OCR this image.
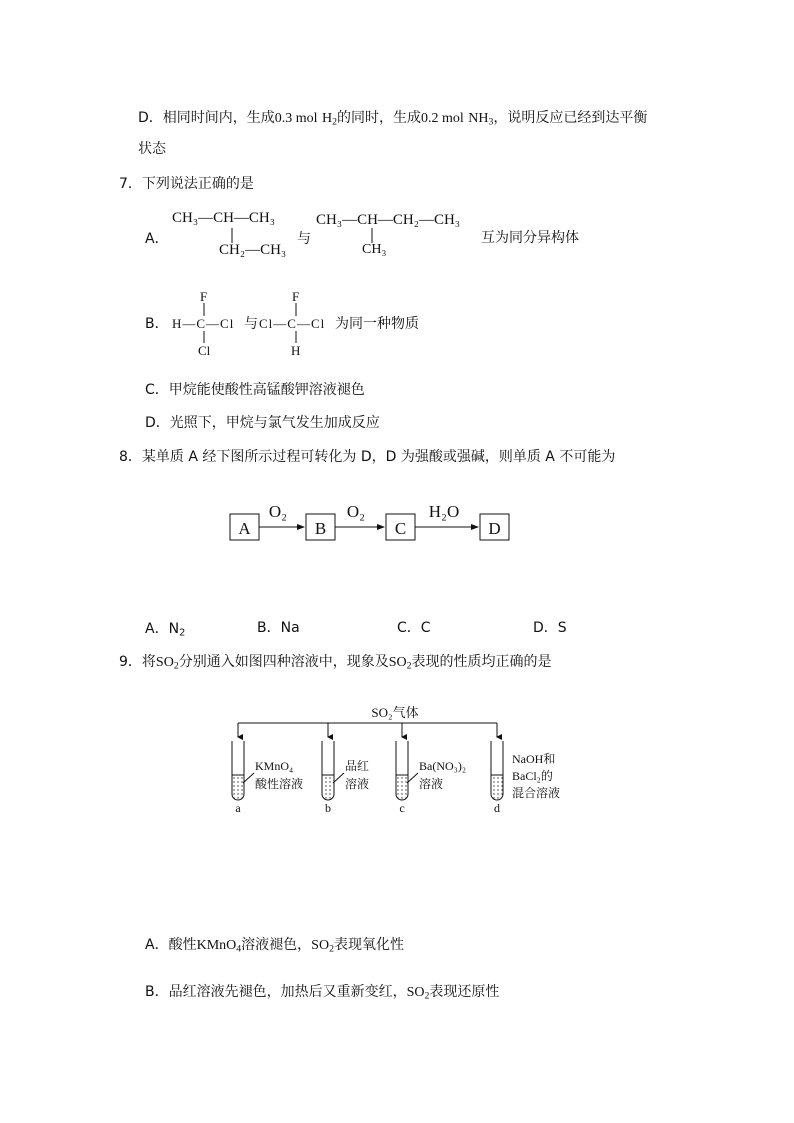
D．相同时间内，生成0.3 mol $H_2$的同时，生成0.2 mol $NH_3$，说明反应已经到达平衡
状态
7．下列说法正确的是
A．
CH₃—CH—CH₃
CH₂—CH₃
与
CH₃—CH—CH₂—CH₃
CH₃
互为同分异构体
B．
F
H—C—Cl
Cl
与
F
Cl—C—Cl
H
为同一种物质
C．甲烷能使酸性高锰酸钾溶液褪色
D．光照下，甲烷与氯气发生加成反应
8．某单质 A 经下图所示过程可转化为 D，D 为强酸或强碱，则单质 A 不可能为
A
O₂
B
O₂
C
H₂O
D
A．$N_2$	B．Na	C．C	D．S
9．将$SO_2$分别通入如图四种溶液中，现象及$SO_2$表现的性质均正确的是
SO₂气体
a
KMnO₄
酸性溶液
b
品红
溶液
c
Ba(NO₃)₂
溶液
d
NaOH和
BaCl₂的
混合溶液
A．酸性KMnO$_4$溶液褪色，$SO_2$表现氧化性
B．品红溶液先褪色，加热后又重新变红，$SO_2$表现还原性
